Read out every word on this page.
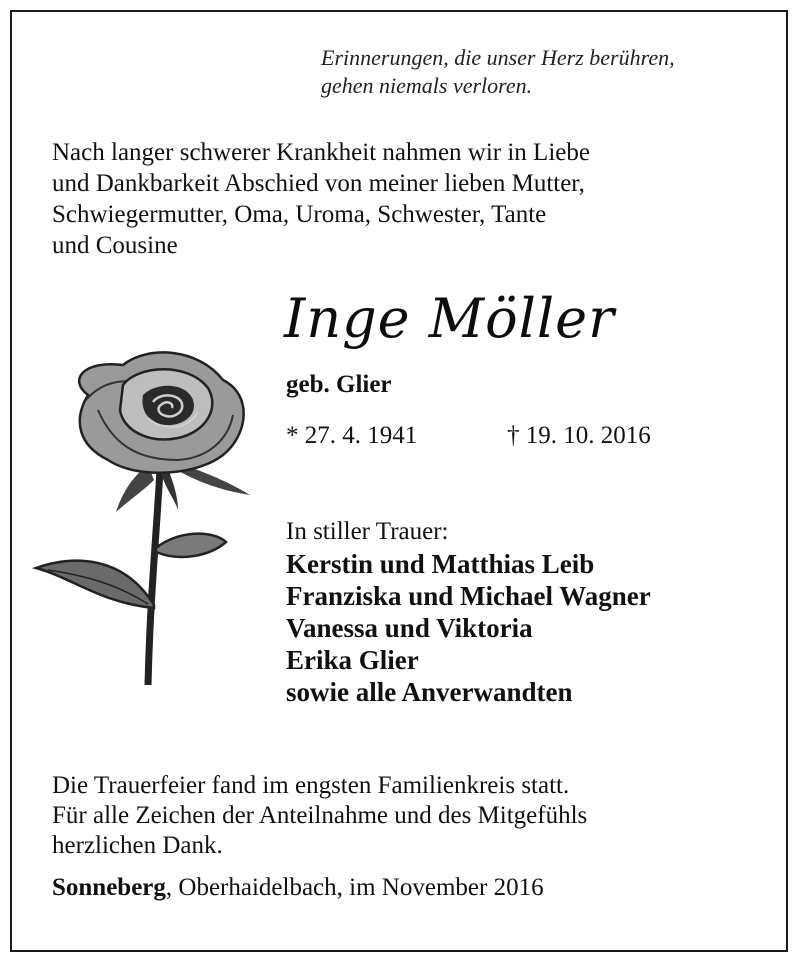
Erinnerungen, die unser Herz berühren,
gehen niemals verloren.
Nach langer schwerer Krankheit nahmen wir in Liebe
und Dankbarkeit Abschied von meiner lieben Mutter,
Schwiegermutter, Oma, Uroma, Schwester, Tante
und Cousine
Inge Möller
geb. Glier
* 27. 4. 1941	† 19. 10. 2016
In stiller Trauer:
Kerstin und Matthias Leib
Franziska und Michael Wagner
Vanessa und Viktoria
Erika Glier
sowie alle Anverwandten
Die Trauerfeier fand im engsten Familienkreis statt.
Für alle Zeichen der Anteilnahme und des Mitgefühls
herzlichen Dank.
Sonneberg, Oberhaidelbach, im November 2016
